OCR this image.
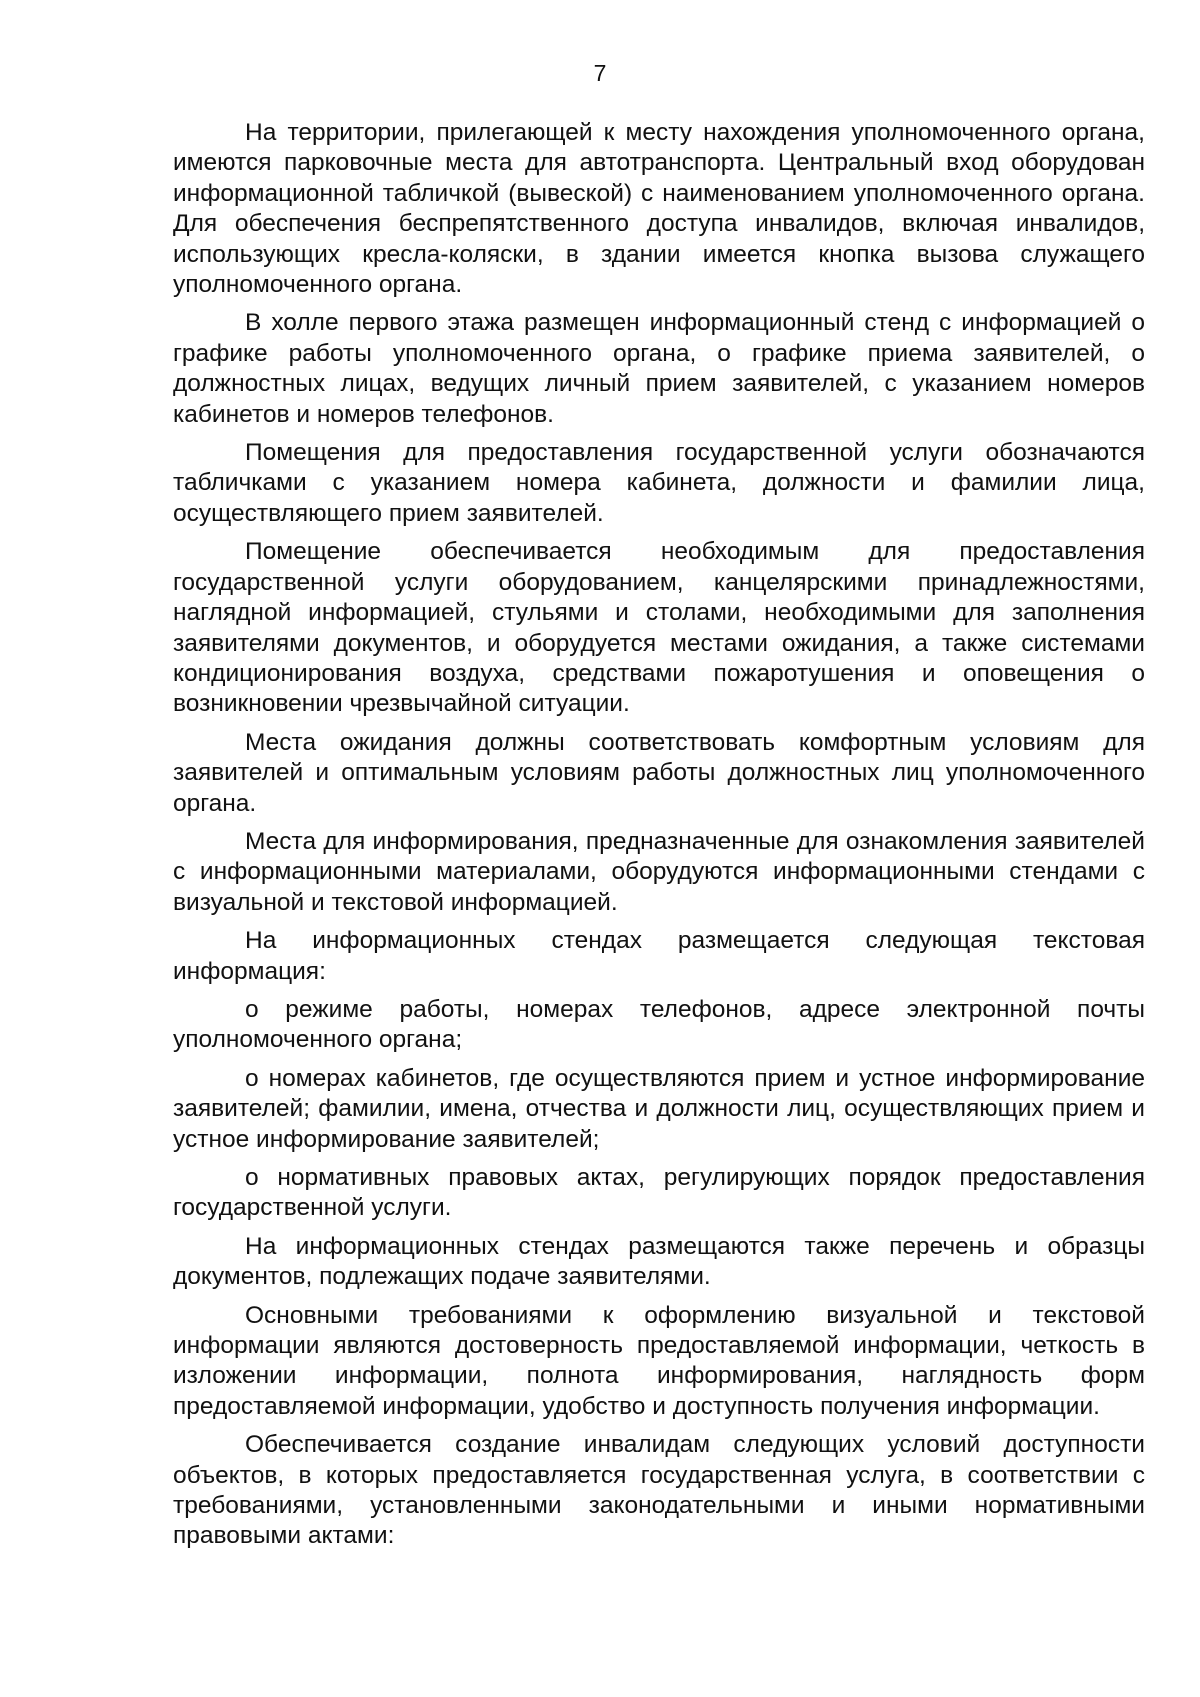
7

На территории, прилегающей к месту нахождения уполномоченного органа, имеются парковочные места для автотранспорта. Центральный вход оборудован информационной табличкой (вывеской) с наименованием уполномоченного органа. Для обеспечения беспрепятственного доступа инвалидов, включая инвалидов, использующих кресла-коляски, в здании имеется кнопка вызова служащего уполномоченного органа.

В холле первого этажа размещен информационный стенд с информацией о графике работы уполномоченного органа, о графике приема заявителей, о должностных лицах, ведущих личный прием заявителей, с указанием номеров кабинетов и номеров телефонов.

Помещения для предоставления государственной услуги обозначаются табличками с указанием номера кабинета, должности и фамилии лица, осуществляющего прием заявителей.

Помещение обеспечивается необходимым для предоставления государственной услуги оборудованием, канцелярскими принадлежностями, наглядной информацией, стульями и столами, необходимыми для заполнения заявителями документов, и оборудуется местами ожидания, а также системами кондиционирования воздуха, средствами пожаротушения и оповещения о возникновении чрезвычайной ситуации.

Места ожидания должны соответствовать комфортным условиям для заявителей и оптимальным условиям работы должностных лиц уполномоченного органа.

Места для информирования, предназначенные для ознакомления заявителей с информационными материалами, оборудуются информационными стендами с визуальной и текстовой информацией.

На информационных стендах размещается следующая текстовая информация:

о режиме работы, номерах телефонов, адресе электронной почты уполномоченного органа;

о номерах кабинетов, где осуществляются прием и устное информирование заявителей; фамилии, имена, отчества и должности лиц, осуществляющих прием и устное информирование заявителей;

о нормативных правовых актах, регулирующих порядок предоставления государственной услуги.

На информационных стендах размещаются также перечень и образцы документов, подлежащих подаче заявителями.

Основными требованиями к оформлению визуальной и текстовой информации являются достоверность предоставляемой информации, четкость в изложении информации, полнота информирования, наглядность форм предоставляемой информации, удобство и доступность получения информации.

Обеспечивается создание инвалидам следующих условий доступности объектов, в которых предоставляется государственная услуга, в соответствии с требованиями, установленными законодательными и иными нормативными правовыми актами:
